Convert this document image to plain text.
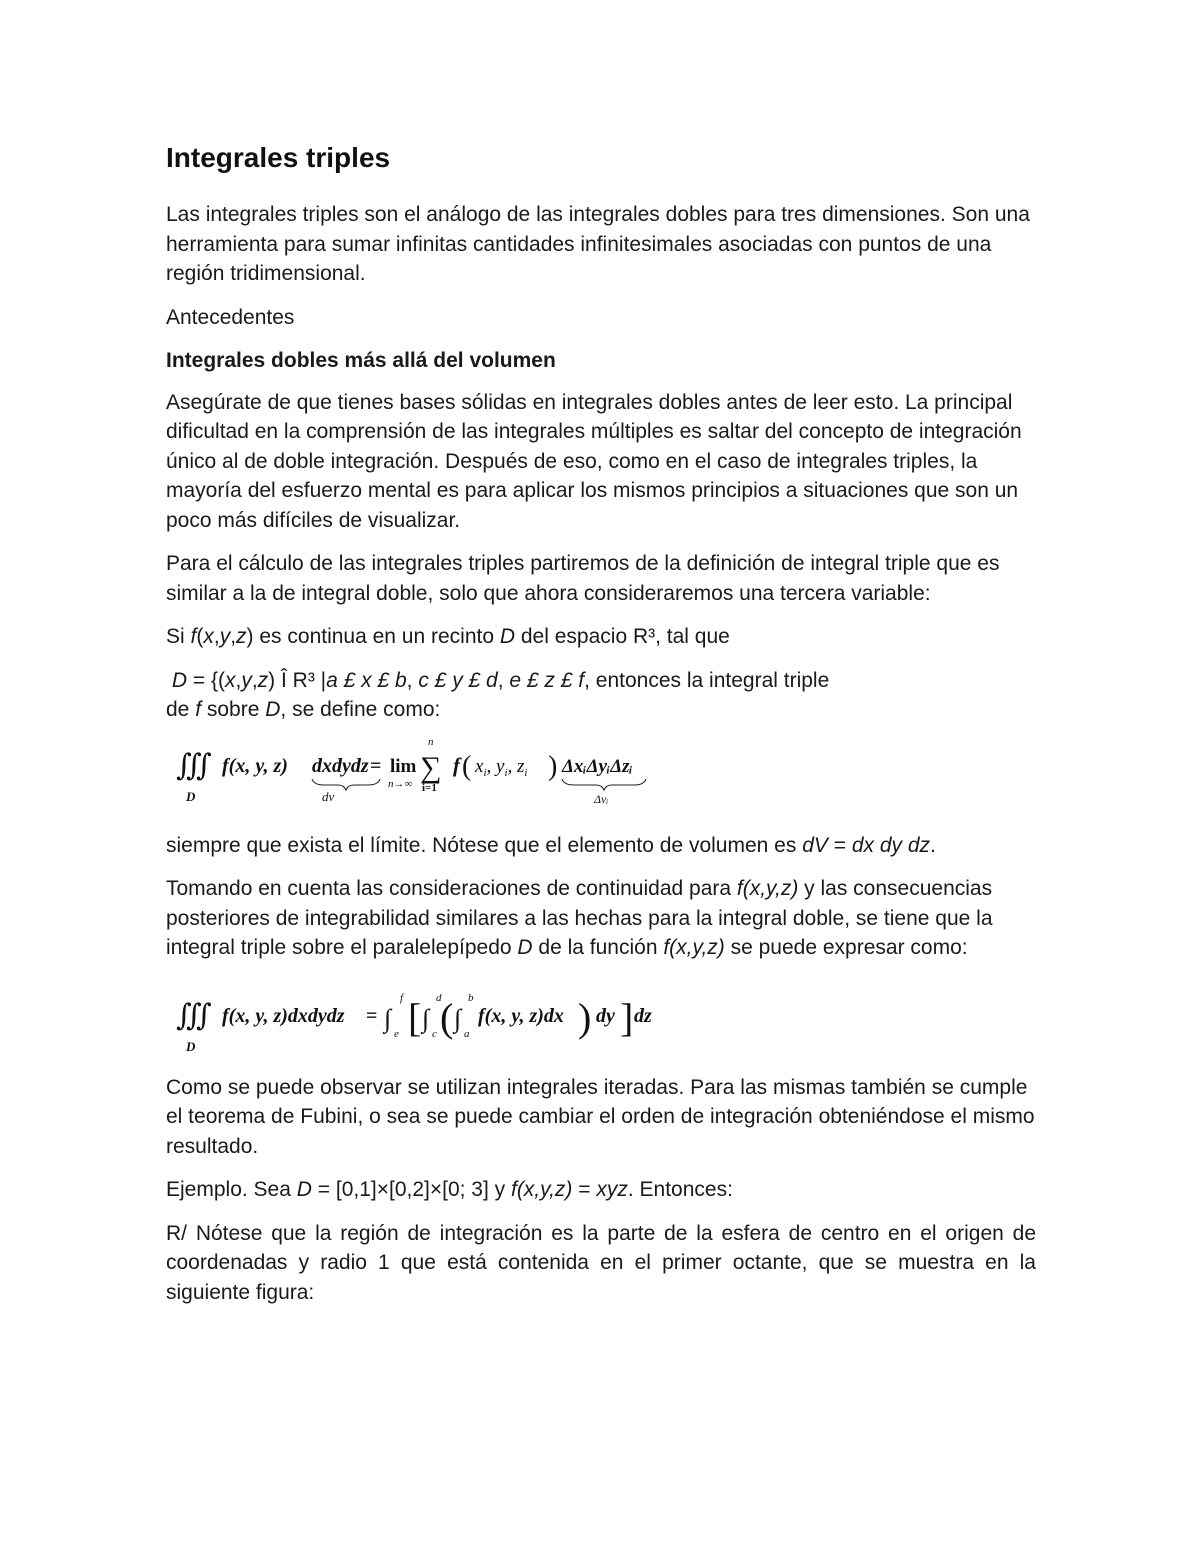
Integrales triples

Las integrales triples son el análogo de las integrales dobles para tres dimensiones. Son una herramienta para sumar infinitas cantidades infinitesimales asociadas con puntos de una región tridimensional.

Antecedentes

Integrales dobles más allá del volumen

Asegúrate de que tienes bases sólidas en integrales dobles antes de leer esto. La principal dificultad en la comprensión de las integrales múltiples es saltar del concepto de integración único al de doble integración. Después de eso, como en el caso de integrales triples, la mayoría del esfuerzo mental es para aplicar los mismos principios a situaciones que son un poco más difíciles de visualizar.

Para el cálculo de las integrales triples partiremos de la definición de integral triple que es similar a la de integral doble, solo que ahora consideraremos una tercera variable:

Si f(x,y,z) es continua en un recinto D del espacio R³, tal que

D = {(x,y,z) Î R³ |a £ x £ b, c £ y £ d, e £ z £ f, entonces la integral triple
de f sobre D, se define como:

∭
D
f(x, y, z) dxdydz
dv
= lim
n→∞
n
∑
i=1
f ( $x_i$, $y_i$, $z_i$ ) ΔxᵢΔyᵢΔzᵢ
Δvᵢ

siempre que exista el límite. Nótese que el elemento de volumen es dV = dx dy dz.

Tomando en cuenta las consideraciones de continuidad para f(x,y,z) y las consecuencias posteriores de integrabilidad similares a las hechas para la integral doble, se tiene que la integral triple sobre el paralelepípedo D de la función f(x,y,z) se puede expresar como:

∭
D
f(x, y, z)dxdydz = ∫
f
e [ ∫
d
c ( ∫
b
a
f(x, y, z)dx ) dy ] dz

Como se puede observar se utilizan integrales iteradas. Para las mismas también se cumple el teorema de Fubini, o sea se puede cambiar el orden de integración obteniéndose el mismo resultado.

Ejemplo. Sea D = [0,1]×[0,2]×[0; 3] y f(x,y,z) = xyz. Entonces:

R/ Nótese que la región de integración es la parte de la esfera de centro en el origen de coordenadas y radio 1 que está contenida en el primer octante, que se muestra en la siguiente figura:
